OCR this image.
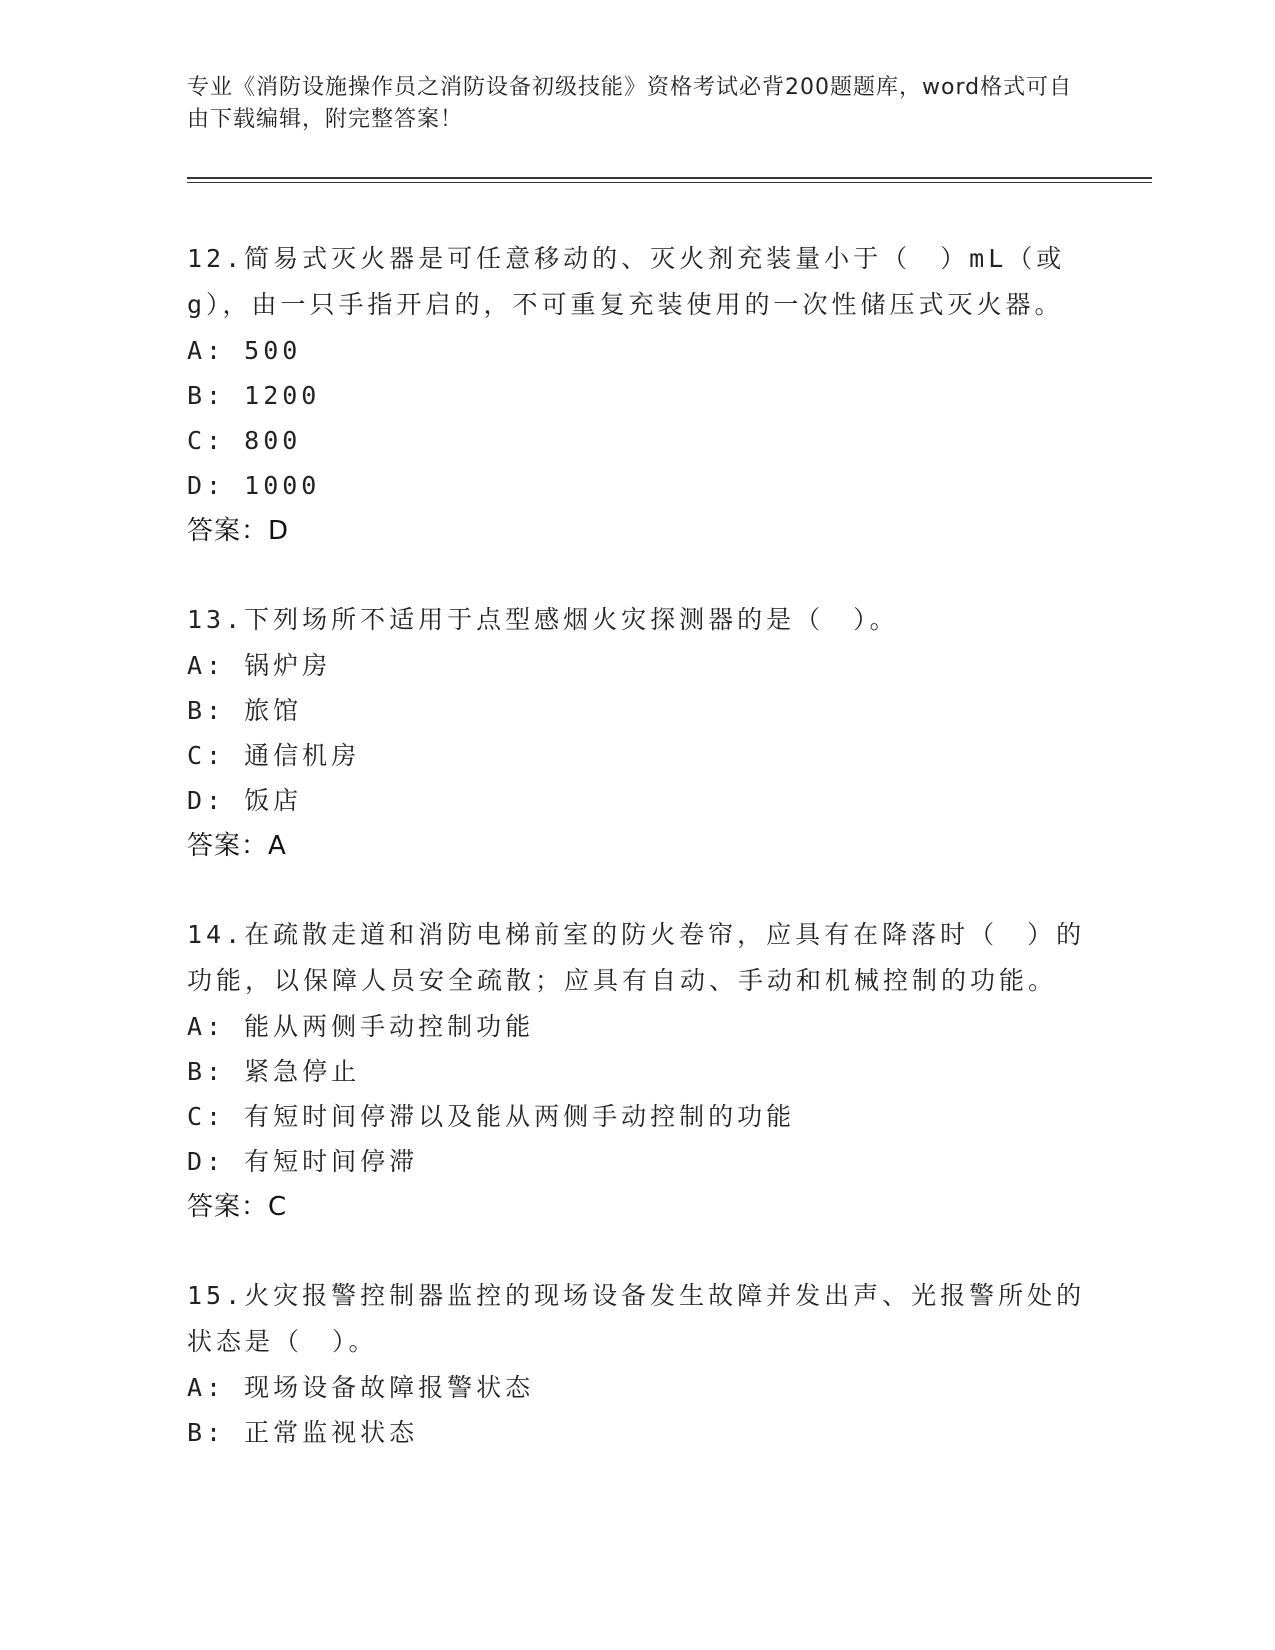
专业《消防设施操作员之消防设备初级技能》资格考试必背200题题库，word格式可自由下载编辑，附完整答案！
12.简易式灭火器是可任意移动的、灭火剂充装量小于（　）mL（或g），由一只手指开启的，不可重复充装使用的一次性储压式灭火器。
A: 500
B: 1200
C: 800
D: 1000
答案：D
13.下列场所不适用于点型感烟火灾探测器的是（　）。
A: 锅炉房
B: 旅馆
C: 通信机房
D: 饭店
答案：A
14.在疏散走道和消防电梯前室的防火卷帘，应具有在降落时（　）的功能，以保障人员安全疏散；应具有自动、手动和机械控制的功能。
A: 能从两侧手动控制功能
B: 紧急停止
C: 有短时间停滞以及能从两侧手动控制的功能
D: 有短时间停滞
答案：C
15.火灾报警控制器监控的现场设备发生故障并发出声、光报警所处的状态是（　）。
A: 现场设备故障报警状态
B: 正常监视状态
